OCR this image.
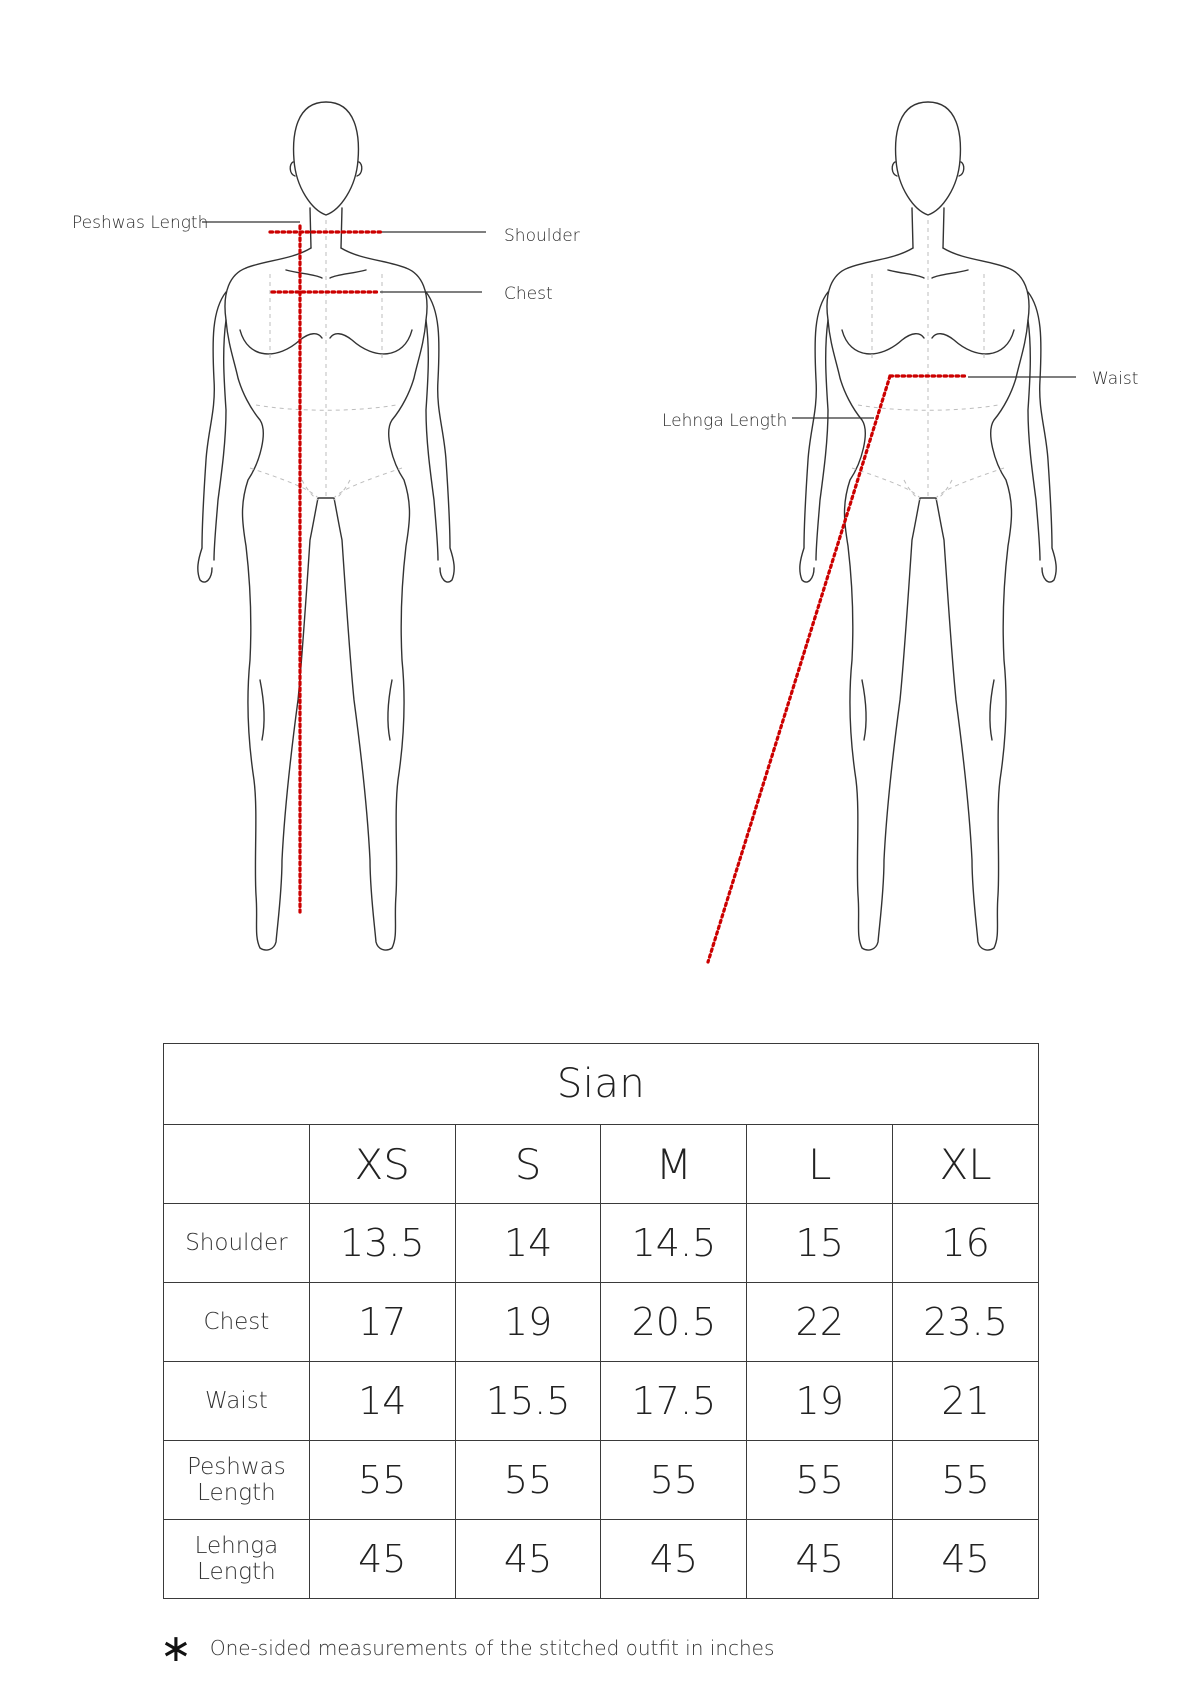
Peshwas Length
Shoulder
Chest
Waist
Lehnga Length
Sian					
	XS	S	M	L	XL

Shoulder	13.5	14	14.5	15	16

Chest	17	19	20.5	22	23.5

Waist	14	15.5	17.5	19	21

Peshwas
Length	55	55	55	55	55

Lehnga
Length	45	45	45	45	45
∗ One-sided measurements of the stitched outfit in inches
